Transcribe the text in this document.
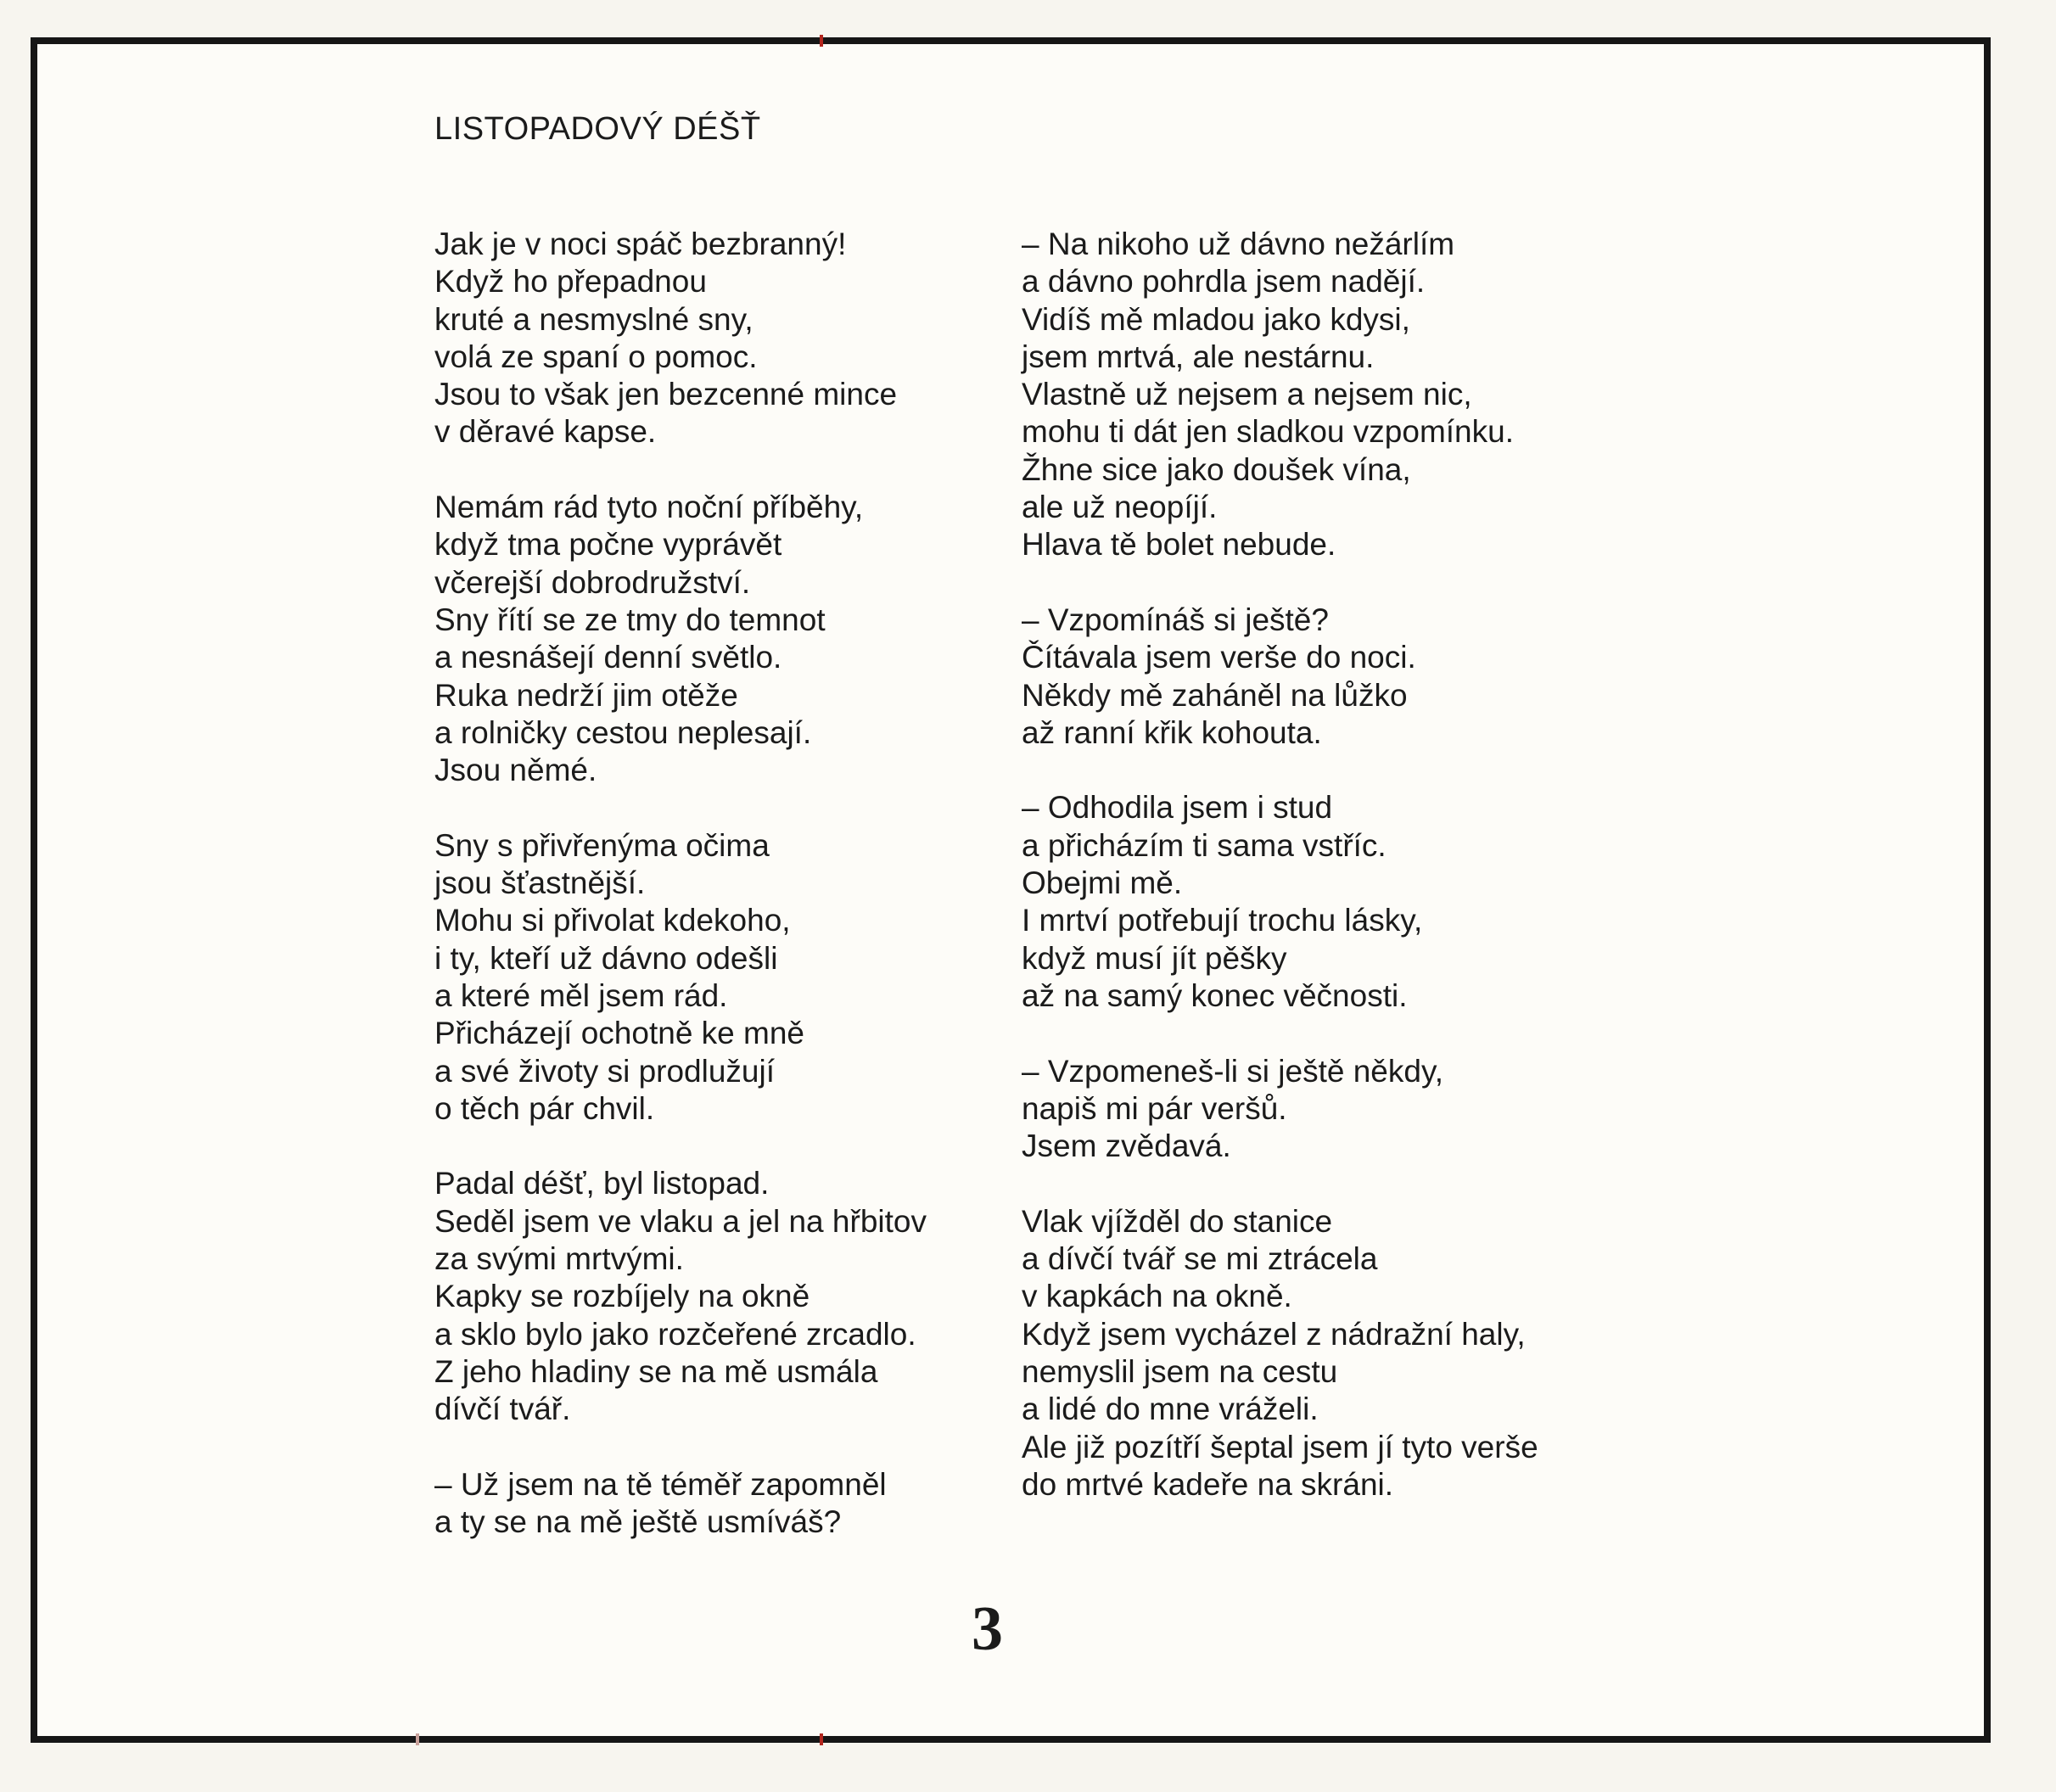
LISTOPADOVÝ DÉŠŤ
Jak je v noci spáč bezbranný!
Když ho přepadnou
kruté a nesmyslné sny,
volá ze spaní o pomoc.
Jsou to však jen bezcenné mince
v děravé kapse.
Nemám rád tyto noční příběhy,
když tma počne vyprávět
včerejší dobrodružství.
Sny řítí se ze tmy do temnot
a nesnášejí denní světlo.
Ruka nedrží jim otěže
a rolničky cestou neplesají.
Jsou němé.
Sny s přivřenýma očima
jsou šťastnější.
Mohu si přivolat kdekoho,
i ty, kteří už dávno odešli
a které měl jsem rád.
Přicházejí ochotně ke mně
a své životy si prodlužují
o těch pár chvil.
Padal déšť, byl listopad.
Seděl jsem ve vlaku a jel na hřbitov
za svými mrtvými.
Kapky se rozbíjely na okně
a sklo bylo jako rozčeřené zrcadlo.
Z jeho hladiny se na mě usmála
dívčí tvář.
– Už jsem na tě téměř zapomněl
a ty se na mě ještě usmíváš?
– Na nikoho už dávno nežárlím
a dávno pohrdla jsem nadějí.
Vidíš mě mladou jako kdysi,
jsem mrtvá, ale nestárnu.
Vlastně už nejsem a nejsem nic,
mohu ti dát jen sladkou vzpomínku.
Žhne sice jako doušek vína,
ale už neopíjí.
Hlava tě bolet nebude.
– Vzpomínáš si ještě?
Čítávala jsem verše do noci.
Někdy mě zaháněl na lůžko
až ranní křik kohouta.
– Odhodila jsem i stud
a přicházím ti sama vstříc.
Obejmi mě.
I mrtví potřebují trochu lásky,
když musí jít pěšky
až na samý konec věčnosti.
– Vzpomeneš-li si ještě někdy,
napiš mi pár veršů.
Jsem zvědavá.
Vlak vjížděl do stanice
a dívčí tvář se mi ztrácela
v kapkách na okně.
Když jsem vycházel z nádražní haly,
nemyslil jsem na cestu
a lidé do mne vráželi.
Ale již pozítří šeptal jsem jí tyto verše
do mrtvé kadeře na skráni.
3
